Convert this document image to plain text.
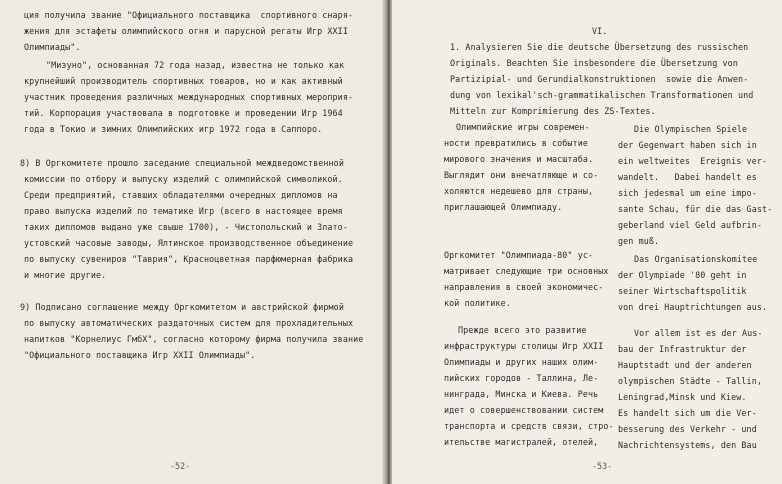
ция получила звание "Официального поставщика  спортивного снаря-
жения для эстафеты олимпийского огня и парусной регаты Игр XXII
Олимпиады".
"Мизуно", основанная 72 года назад, известна не только как
крупнейший производитель спортивных товаров, но и как активный
участник проведения различных международных спортивных мероприя-
тий. Корпорация участвовала в подготовке и проведении Игр 1964
года в Токио и зимних Олимпийских игр 1972 года в Саппоро.
8) В Оргкомитете прошло заседание специальной междведомственной
комиссии по отбору и выпуску изделий с олимпийской символикой.
Среди предприятий, ставших обладателями очередных дипломов на
право выпуска изделий по тематике Игр (всего в настоящее время
таких дипломов выдано уже свыше 1700), - Чистопольский и Злато-
устовский часовые заводы, Ялтинское производственное объединение
по выпуску сувениров "Таврия", Красноцветная парфюмерная фабрика
и многие другие.
9) Подписано соглашение между Оргкомитетом и австрийской фирмой
по выпуску автоматических раздаточных систем для прохладительных
напитков "Корнелиус ГмбХ", согласно которому фирма получила звание
"Официального поставщика Игр XXII Олимпиады".
-52-
VI.
1. Analysieren Sie die deutsche Übersetzung des russischen
Originals. Beachten Sie insbesondere die Übersetzung von
Partizipial- und Gerundialkonstruktionen  sowie die Anwen-
dung von lexikal'sch-grammatikalischen Transformationen und
Mitteln zur Komprimierung des ZS-Textes.
Олимпийские игры современ-
ности превратились в событие
мирового значения и масштаба.
Выглядит они внечатляюще и со-
холяются недешево для страны,
приглашающей Олимпиаду.
Оргкомитет "Олимпиада-80" ус-
матривает следующие три основных
направления в своей экономичес-
кой политике.
Прежде всего это развитие
инфраструктуры столицы Игр XXII
Олимпиады и других наших олим-
пийских городов - Таллина, Ле-
нинграда, Минска и Киева. Речь
идет о совершенствовании систем
транспорта и средств связи, стро-
ительстве магистралей, отелей,
Die Olympischen Spiele
der Gegenwart haben sich in
ein weltweites  Ereignis ver-
wandelt.   Dabei handelt es
sich jedesmal um eine impo-
sante Schau, für die das Gast-
geberland viel Geld aufbrin-
gen muß.
Das Organisationskomitee
der Olympiade '80 geht in
seiner Wirtschaftspolitik
von drei Hauptrichtungen aus.
Vor allem ist es der Aus-
bau der Infrastruktur der
Hauptstadt und der anderen
olympischen Städte - Tallin,
Leningrad,Minsk und Kiew.
Es handelt sich um die Ver-
besserung des Verkehr - und
Nachrichtensystems, den Bau
-53-
